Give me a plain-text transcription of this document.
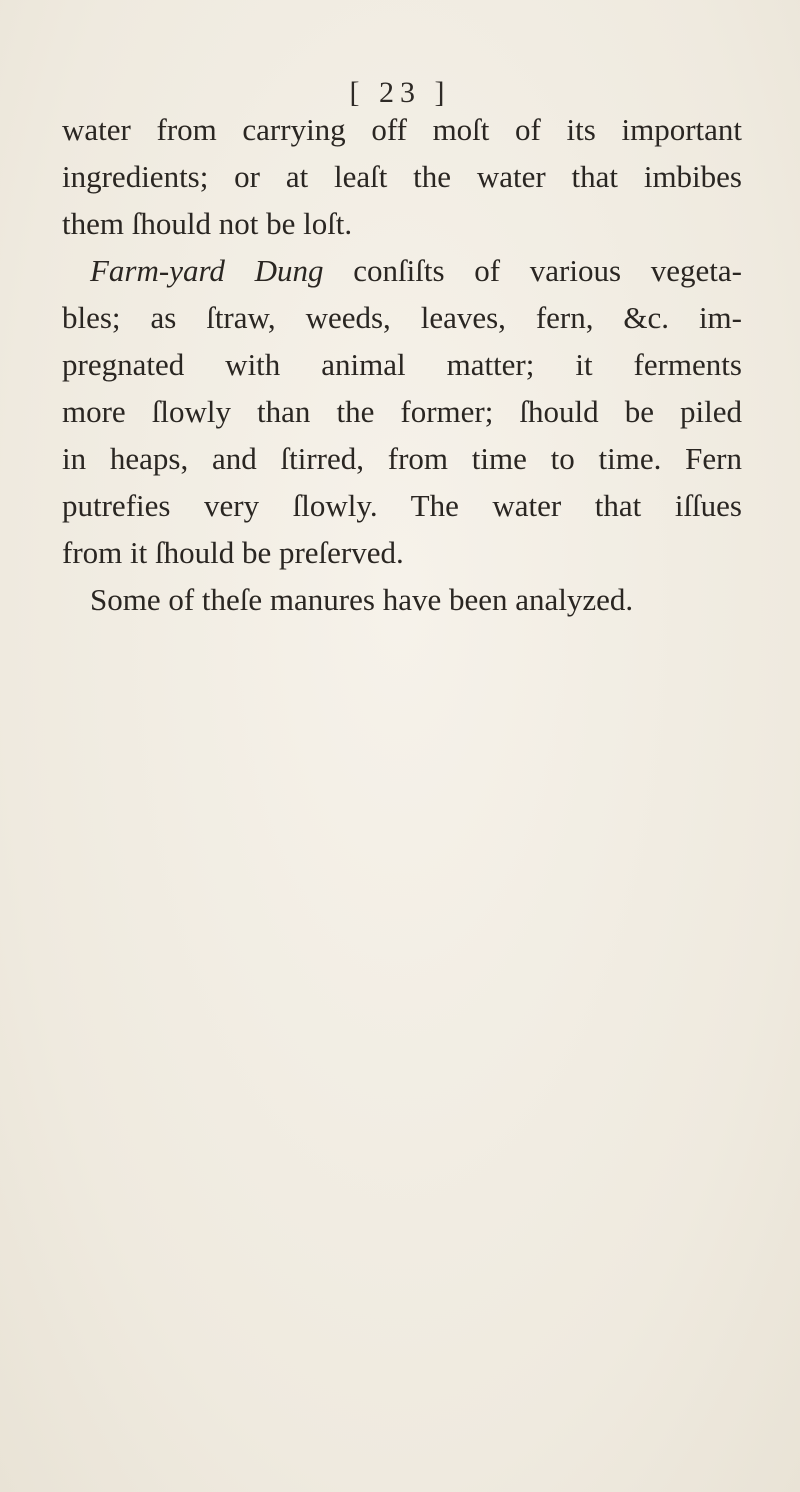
[ 23 ]
water from carrying off moſt of its important
ingredients; or at leaſt the water that imbibes
them ſhould not be loſt.
Farm-yard Dung conſiſts of various vegeta-
bles; as ſtraw, weeds, leaves, fern, &c. im-
pregnated with animal matter; it ferments
more ſlowly than the former; ſhould be piled
in heaps, and ſtirred, from time to time. Fern
putrefies very ſlowly. The water that iſſues
from it ſhould be preſerved.
Some of theſe manures have been analyzed.
